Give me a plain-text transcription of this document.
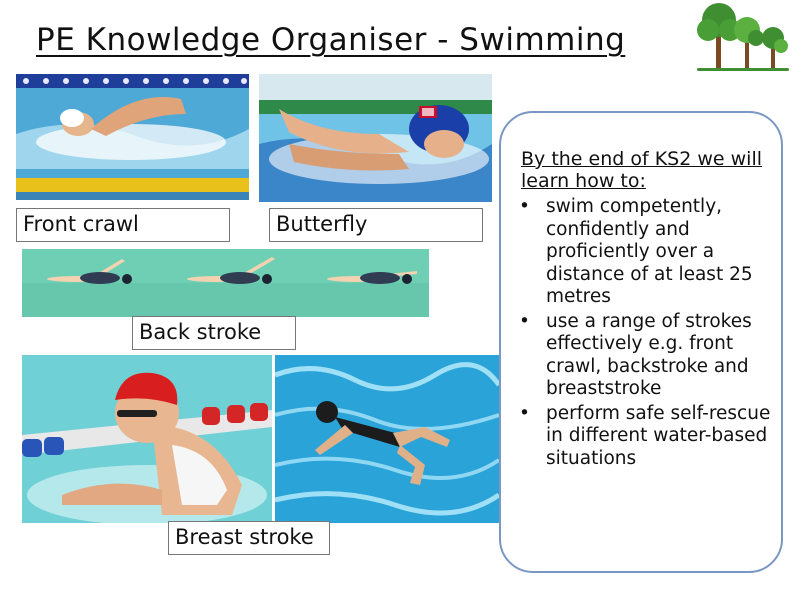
PE Knowledge Organiser - Swimming
Front crawl	Butterfly
Back stroke
Breast stroke
By the end of KS2 we will learn how to:
• swim competently, confidently and proficiently over a distance of at least 25 metres
• use a range of strokes effectively e.g. front crawl, backstroke and breaststroke
• perform safe self-rescue in different water-based situations
